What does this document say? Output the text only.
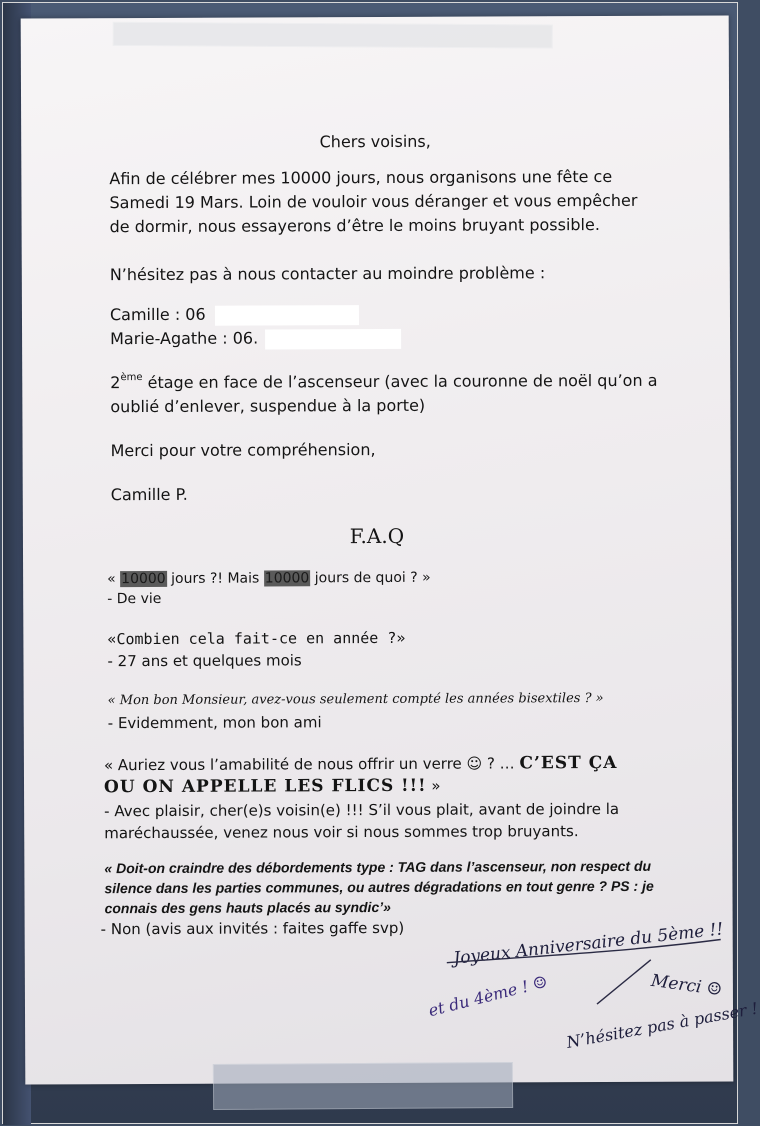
Chers voisins,
Afin de célébrer mes 10000 jours, nous organisons une fête ce
Samedi 19 Mars. Loin de vouloir vous déranger et vous empêcher
de dormir, nous essayerons d’être le moins bruyant possible.
N’hésitez pas à nous contacter au moindre problème :
Camille : 06
Marie-Agathe : 06.
2ème étage en face de l’ascenseur (avec la couronne de noël qu’on a
oublié d’enlever, suspendue à la porte)
Merci pour votre compréhension,
Camille P.
F.A.Q
« 10000 jours ?! Mais 10000 jours de quoi ? »
- De vie
«Combien cela fait-ce en année ?»
- 27 ans et quelques mois
« Mon bon Monsieur, avez-vous seulement compté les années bisextiles ? »
- Evidemment, mon bon ami
« Auriez vous l’amabilité de nous offrir un verre ☺ ? … C’EST ÇA
OU ON APPELLE LES FLICS !!! »
- Avec plaisir, cher(e)s voisin(e) !!! S’il vous plait, avant de joindre la
maréchaussée, venez nous voir si nous sommes trop bruyants.
« Doit-on craindre des débordements type : TAG dans l’ascenseur, non respect du
silence dans les parties communes, ou autres dégradations en tout genre ? PS : je
connais des gens hauts placés au syndic’»
- Non (avis aux invités : faites gaffe svp)	Joyeux Anniversaire du 5ème !!
et du 4ème ! ☺	Merci ☺
N’hésitez pas à passer !
